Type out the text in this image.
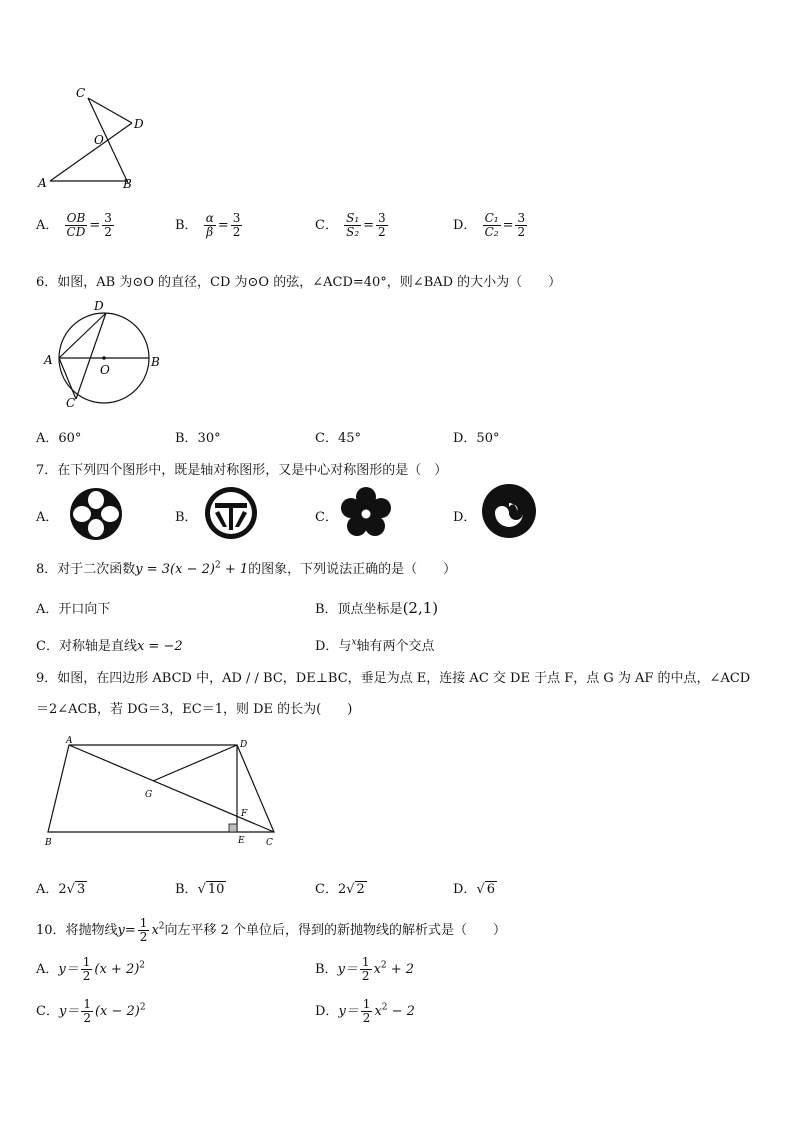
C
D
O
A	B
A． $\frac{OB}{CD} = \frac{3}{2}$	B． $\frac{\alpha}{\beta} = \frac{3}{2}$	C． $\frac{\text{S₁}}{\text{S₂}} = \frac{3}{2}$	D． $\frac{\text{C₁}}{\text{C₂}} = \frac{3}{2}$
6．如图，AB 为⊙O 的直径，CD 为⊙O 的弦，∠ACD=40°，则∠BAD 的大小为（　　）
D
A
O
B
C
A．60°	B．30°	C．45°	D．50°
7．在下列四个图形中，既是轴对称图形，又是中心对称图形的是（　）
A．	B．	C．	D．
8．对于二次函数$y = 3(x - 2)^2 + 1$的图象，下列说法正确的是（　　）
A．开口向下	B．顶点坐标是(2,1)
C．对称轴是直线x = −2	D．与$^x$轴有两个交点
9．如图，在四边形 ABCD 中，AD / / BC，DE⊥BC，垂足为点 E，连接 AC 交 DE 于点 F，点 G 为 AF 的中点，∠ACD
＝2∠ACB，若 DG＝3，EC＝1，则 DE 的长为(　　)
A	D
G
F
B	E C
A．2√ 3	B．√ 10	C．2√ 2	D．√ 6
10．将抛物线$y= \frac{1}{2} x^2$向左平移 2 个单位后，得到的新抛物线的解析式是（　　）
A．$y= \frac{1}{2} (x + 2)^2$	B．$y= \frac{1}{2} x^2 + 2$
C．$y= \frac{1}{2} (x - 2)^2$	D．$y= \frac{1}{2} x^2 - 2$
